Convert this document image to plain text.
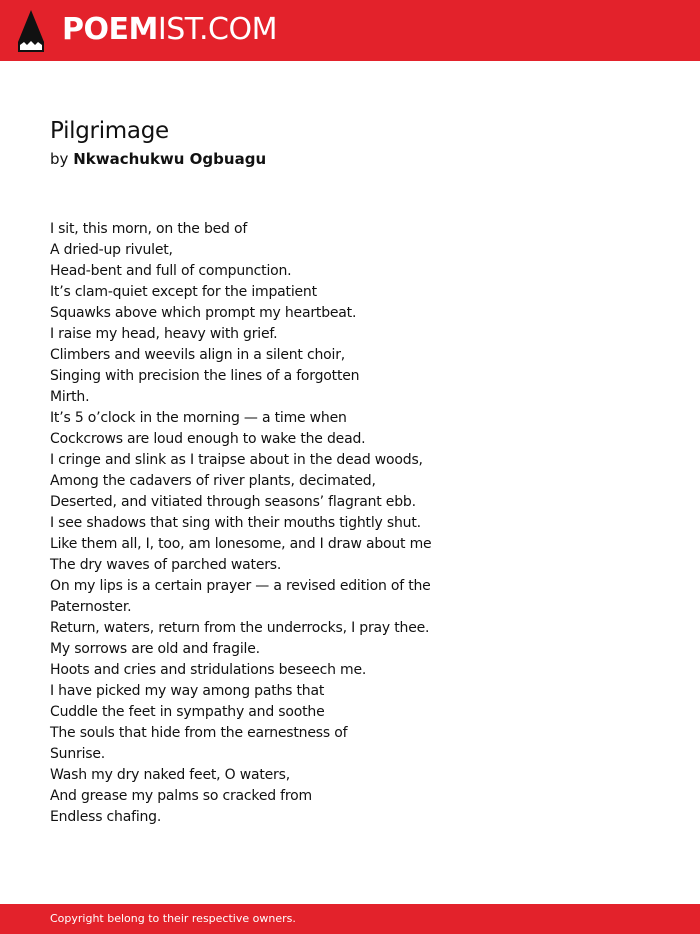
POEMIST.COM
Pilgrimage
by Nkwachukwu Ogbuagu
I sit, this morn, on the bed of
A dried-up rivulet,
Head-bent and full of compunction.
It’s clam-quiet except for the impatient
Squawks above which prompt my heartbeat.
I raise my head, heavy with grief.
Climbers and weevils align in a silent choir,
Singing with precision the lines of a forgotten
Mirth.
It’s 5 o’clock in the morning — a time when
Cockcrows are loud enough to wake the dead.
I cringe and slink as I traipse about in the dead woods,
Among the cadavers of river plants, decimated,
Deserted, and vitiated through seasons’ flagrant ebb.
I see shadows that sing with their mouths tightly shut.
Like them all, I, too, am lonesome, and I draw about me
The dry waves of parched waters.
On my lips is a certain prayer — a revised edition of the
Paternoster.
Return, waters, return from the underrocks, I pray thee.
My sorrows are old and fragile.
Hoots and cries and stridulations beseech me.
I have picked my way among paths that
Cuddle the feet in sympathy and soothe
The souls that hide from the earnestness of
Sunrise.
Wash my dry naked feet, O waters,
And grease my palms so cracked from
Endless chafing.
Copyright belong to their respective owners.
